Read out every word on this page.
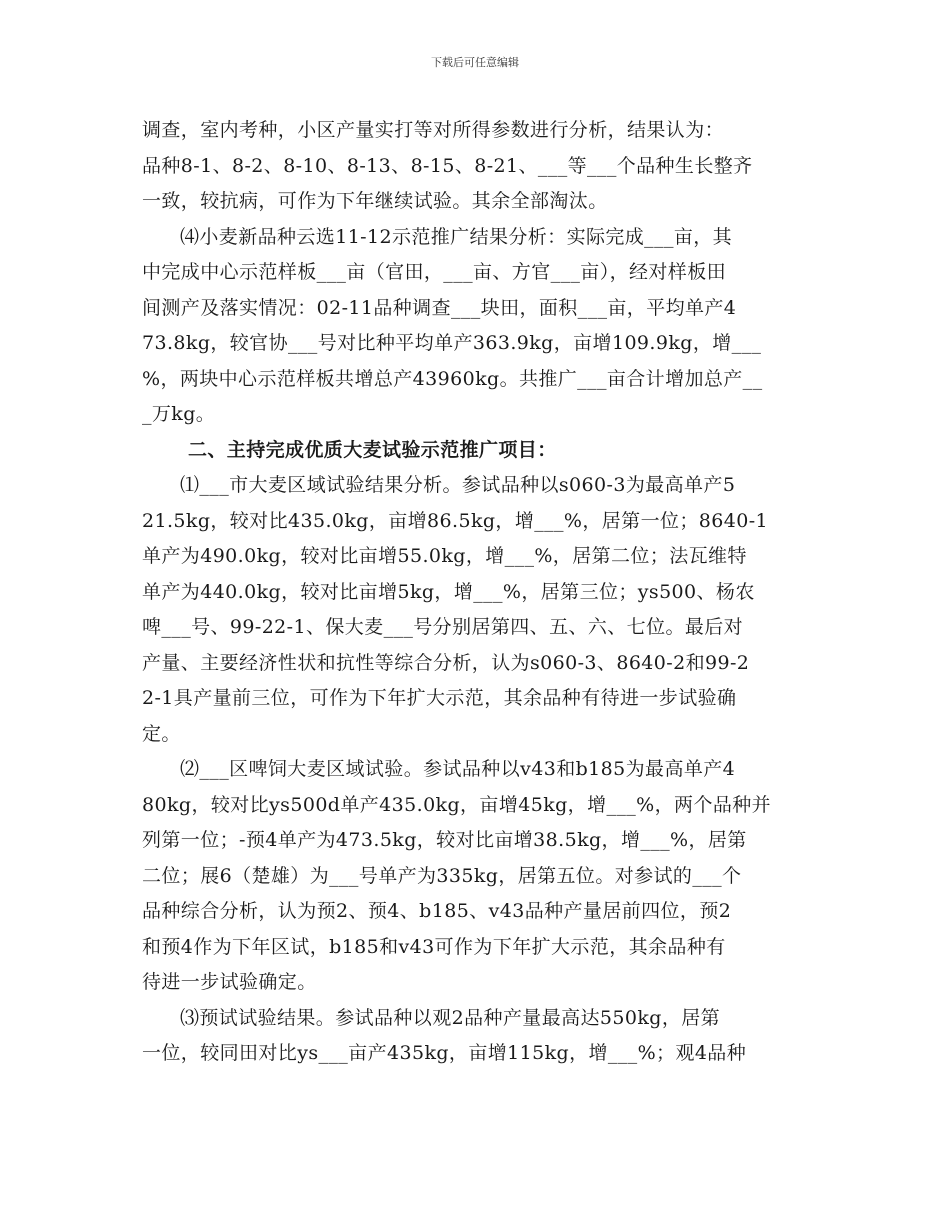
下载后可任意编辑
调查，室内考种，小区产量实打等对所得参数进行分析，结果认为：
品种8-1、8-2、8-10、8-13、8-15、8-21、___等___个品种生长整齐
一致，较抗病，可作为下年继续试验。其余全部淘汰。
⑷小麦新品种云选11-12示范推广结果分析：实际完成___亩，其
中完成中心示范样板___亩（官田，___亩、方官___亩），经对样板田
间测产及落实情况：02-11品种调查___块田，面积___亩，平均单产4
73.8kg，较官协___号对比种平均单产363.9kg，亩增109.9kg，增___
%，两块中心示范样板共增总产43960kg。共推广___亩合计增加总产__
_万kg。
二、主持完成优质大麦试验示范推广项目：
⑴___市大麦区域试验结果分析。参试品种以s060-3为最高单产5
21.5kg，较对比435.0kg，亩增86.5kg，增___%，居第一位；8640-1
单产为490.0kg，较对比亩增55.0kg，增___%，居第二位；法瓦维特
单产为440.0kg，较对比亩增5kg，增___%，居第三位；ys500、杨农
啤___号、99-22-1、保大麦___号分别居第四、五、六、七位。最后对
产量、主要经济性状和抗性等综合分析，认为s060-3、8640-2和99-2
2-1具产量前三位，可作为下年扩大示范，其余品种有待进一步试验确
定。
⑵___区啤饲大麦区域试验。参试品种以v43和b185为最高单产4
80kg，较对比ys500d单产435.0kg，亩增45kg，增___%，两个品种并
列第一位；-预4单产为473.5kg，较对比亩增38.5kg，增___%，居第
二位；展6（楚雄）为___号单产为335kg，居第五位。对参试的___个
品种综合分析，认为预2、预4、b185、v43品种产量居前四位，预2
和预4作为下年区试，b185和v43可作为下年扩大示范，其余品种有
待进一步试验确定。
⑶预试试验结果。参试品种以观2品种产量最高达550kg，居第
一位，较同田对比ys___亩产435kg，亩增115kg，增___%；观4品种
